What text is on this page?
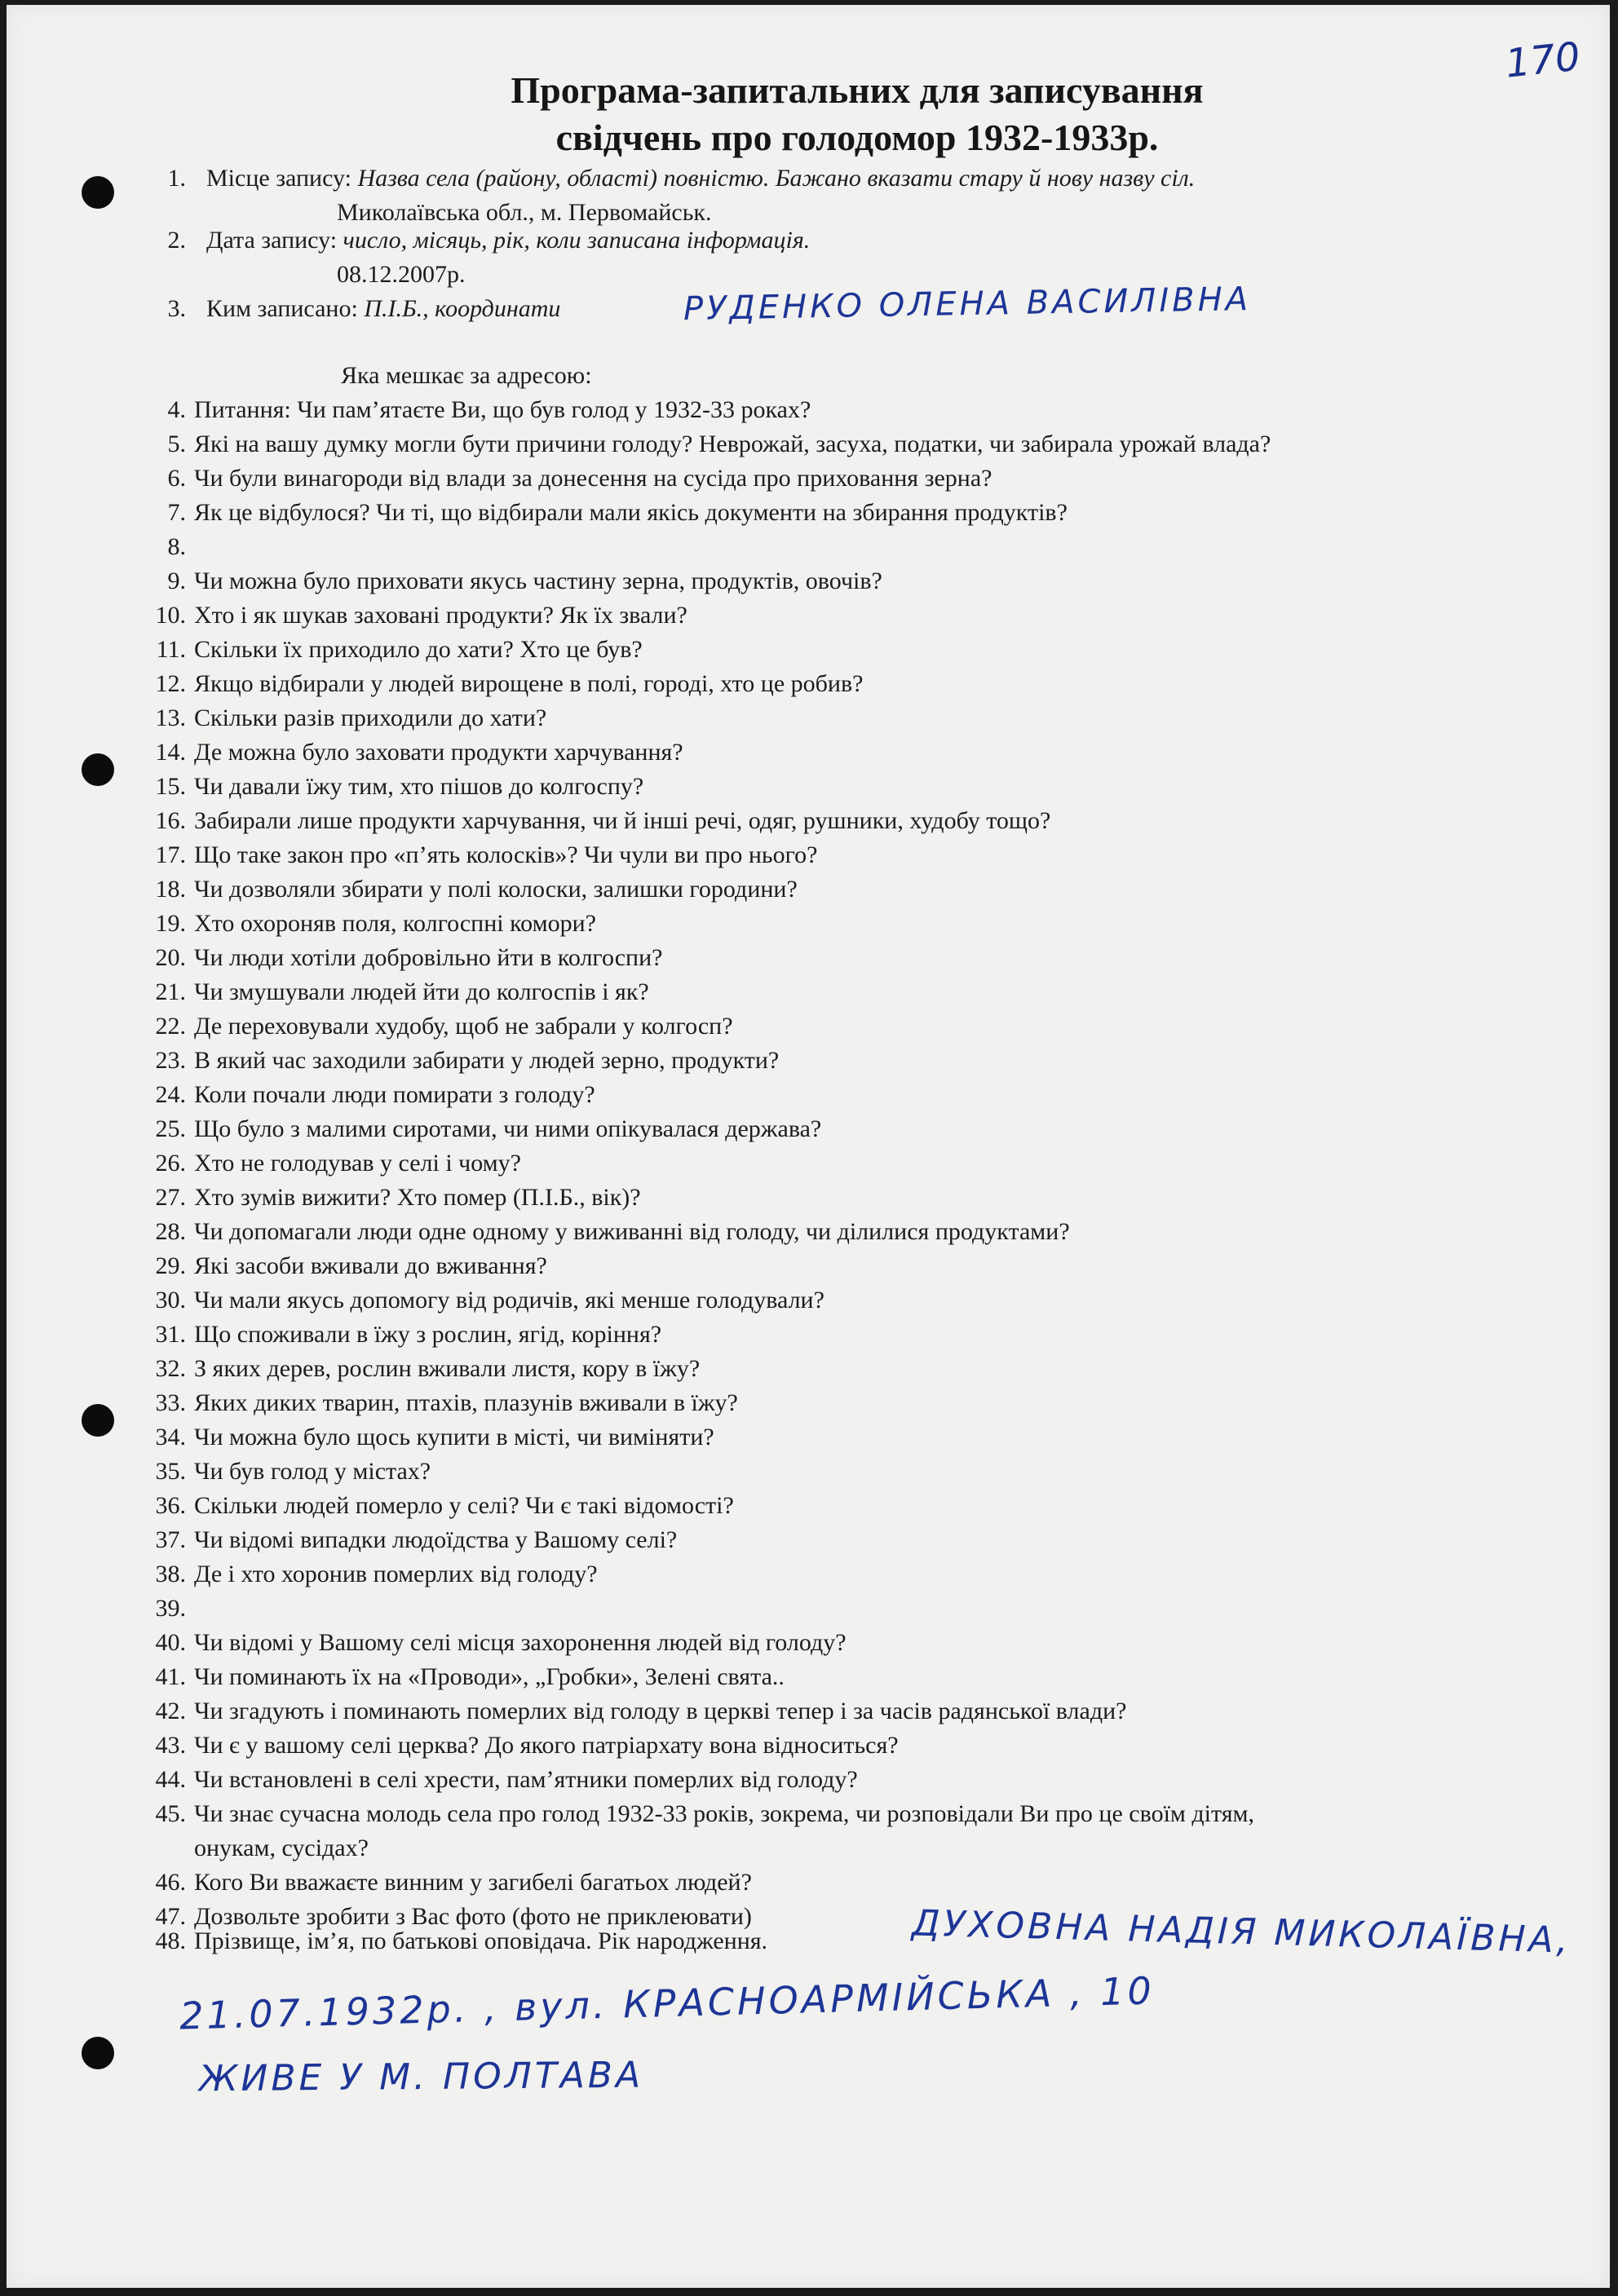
170
Програма-запитальних для записування
свідчень про голодомор 1932-1933р.
1. Місце запису: Назва села (району, області) повністю. Бажано вказати стару й нову назву сіл.
Миколаївська обл., м. Первомайськ.
2. Дата запису: число, місяць, рік, коли записана інформація.
08.12.2007р.
3. Ким записано: П.І.Б., координати	РУДЕНКО ОЛЕНА ВАСИЛІВНА
Яка мешкає за адресою:
4. Питання: Чи пам’ятаєте Ви, що був голод у 1932-33 роках?
5. Які на вашу думку могли бути причини голоду? Неврожай, засуха, податки, чи забирала урожай влада?
6. Чи були винагороди від влади за донесення на сусіда про приховання зерна?
7. Як це відбулося? Чи ті, що відбирали мали якісь документи на збирання продуктів?
8.
9. Чи можна було приховати якусь частину зерна, продуктів, овочів?
10. Хто і як шукав заховані продукти? Як їх звали?
11. Скільки їх приходило до хати? Хто це був?
12. Якщо відбирали у людей вирощене в полі, городі, хто це робив?
13. Скільки разів приходили до хати?
14. Де можна було заховати продукти харчування?
15. Чи давали їжу тим, хто пішов до колгоспу?
16. Забирали лише продукти харчування, чи й інші речі, одяг, рушники, худобу тощо?
17. Що таке закон про «п’ять колосків»? Чи чули ви про нього?
18. Чи дозволяли збирати у полі колоски, залишки городини?
19. Хто охороняв поля, колгоспні комори?
20. Чи люди хотіли добровільно йти в колгоспи?
21. Чи змушували людей йти до колгоспів і як?
22. Де переховували худобу, щоб не забрали у колгосп?
23. В який час заходили забирати у людей зерно, продукти?
24. Коли почали люди помирати з голоду?
25. Що було з малими сиротами, чи ними опікувалася держава?
26. Хто не голодував у селі і чому?
27. Хто зумів вижити? Хто помер (П.І.Б., вік)?
28. Чи допомагали люди одне одному у виживанні від голоду, чи ділилися продуктами?
29. Які засоби вживали до вживання?
30. Чи мали якусь допомогу від родичів, які менше голодували?
31. Що споживали в їжу з рослин, ягід, коріння?
32. З яких дерев, рослин вживали листя, кору в їжу?
33. Яких диких тварин, птахів, плазунів вживали в їжу?
34. Чи можна було щось купити в місті, чи виміняти?
35. Чи був голод у містах?
36. Скільки людей померло у селі? Чи є такі відомості?
37. Чи відомі випадки людоїдства у Вашому селі?
38. Де і хто хоронив померлих від голоду?
39.
40. Чи відомі у Вашому селі місця захоронення людей від голоду?
41. Чи поминають їх на «Проводи», „Гробки», Зелені свята..
42. Чи згадують і поминають померлих від голоду в церкві тепер і за часів радянської влади?
43. Чи є у вашому селі церква? До якого патріархату вона відноситься?
44. Чи встановлені в селі хрести, пам’ятники померлих від голоду?
45. Чи знає сучасна молодь села про голод 1932-33 років, зокрема, чи розповідали Ви про це своїм дітям,
онукам, сусідах?
46. Кого Ви вважаєте винним у загибелі багатьох людей?
47. Дозвольте зробити з Вас фото (фото не приклеювати)
48. Прізвище, ім’я, по батькові оповідача. Рік народження.	ДУХОВНА НАДІЯ МИКОЛАЇВНА,
21.07.1932р. , вул. КРАСНОАРМІЙСЬКА , 10
ЖИВЕ У М. ПОЛТАВА
